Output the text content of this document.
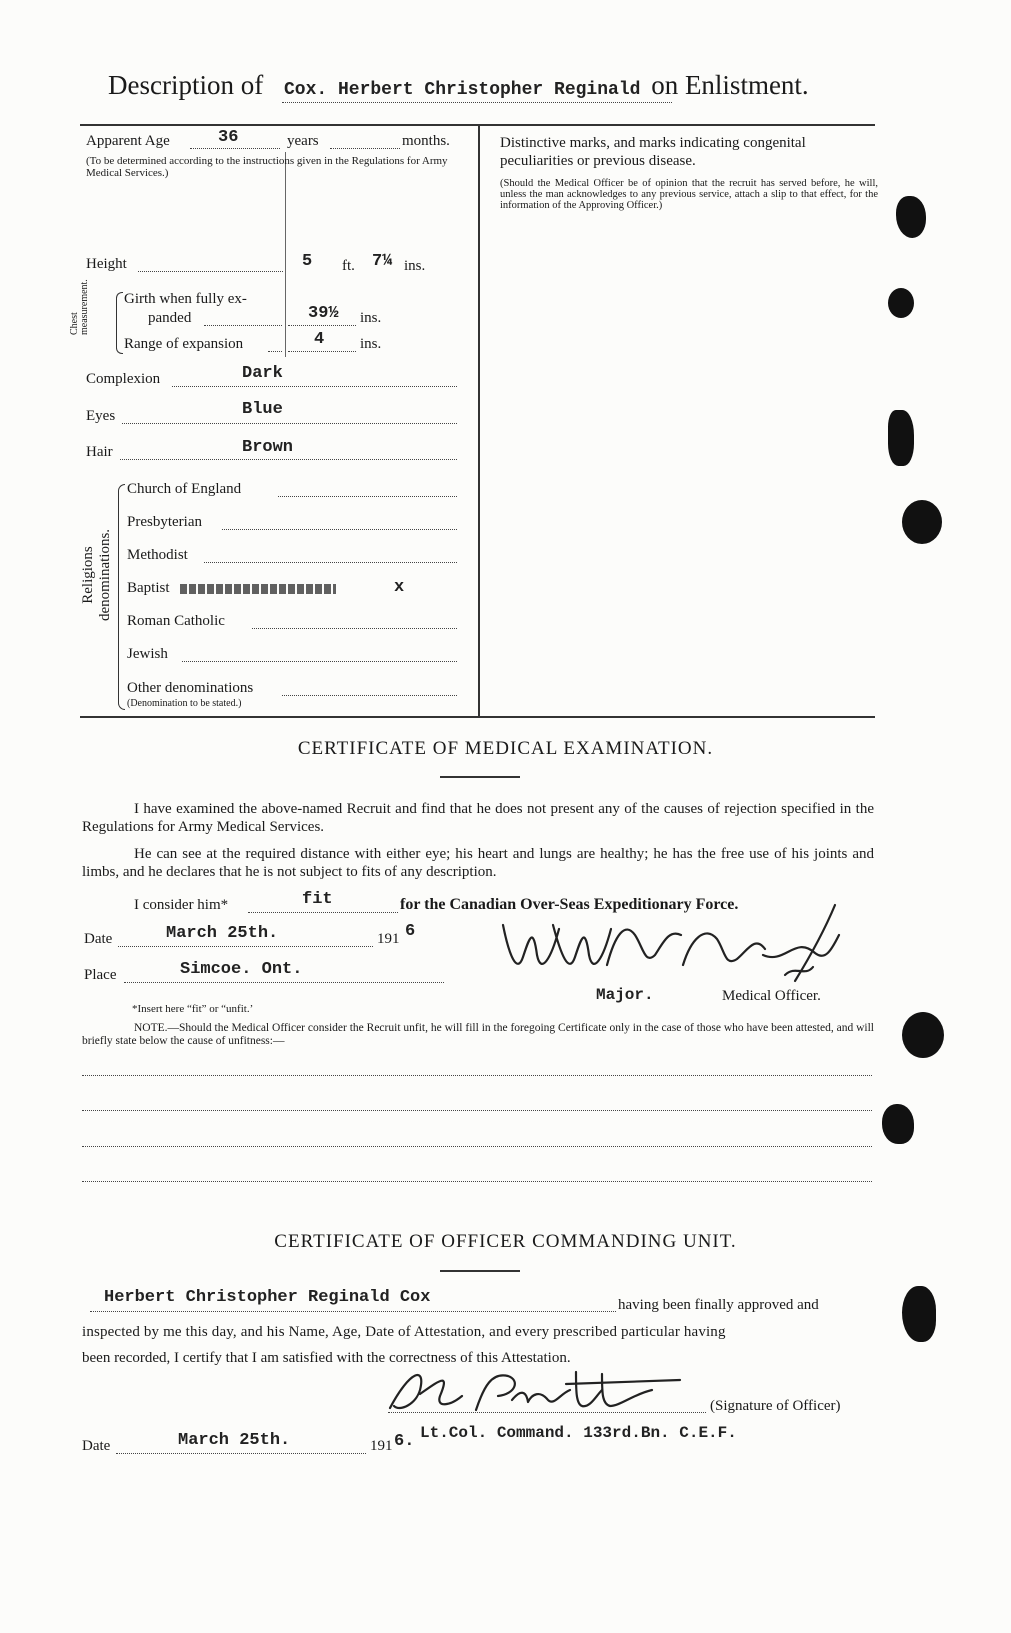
Description of Cox. Herbert Christopher Reginald on Enlistment.
Apparent Age	36	years	months.
(To be determined according to the instructions given in the Regulations for Army Medical Services.)
Height	5 ft. 7¼ ins.
Chest measurement. Girth when fully ex-
panded	39½ ins.
Range of expansion	4 ins.
Complexion	Dark
Eyes	Blue
Hair	Brown
Religions denominations.
Church of England
Presbyterian
Methodist
Baptist	x
Roman Catholic
Jewish
Other denominations
(Denomination to be stated.)
Distinctive marks, and marks indicating congenital peculiarities or previous disease.
(Should the Medical Officer be of opinion that the recruit has served before, he will, unless the man acknowledges to any previous service, attach a slip to that effect, for the information of the Approving Officer.)
CERTIFICATE OF MEDICAL EXAMINATION.
I have examined the above-named Recruit and find that he does not present any of the causes of rejection specified in the Regulations for Army Medical Services.
He can see at the required distance with either eye; his heart and lungs are healthy; he has the free use of his joints and limbs, and he declares that he is not subject to fits of any description.
I consider him*	fit	for the Canadian Over-Seas Expeditionary Force.
Date	March 25th.	191 6
Place	Simcoe. Ont.
Major.	Medical Officer.
*Insert here “fit” or “unfit.’
NOTE.—Should the Medical Officer consider the Recruit unfit, he will fill in the foregoing Certificate only in the case of those who have been attested, and will briefly state below the cause of unfitness:—
CERTIFICATE OF OFFICER COMMANDING UNIT.
Herbert Christopher Reginald Cox	having been finally approved and
inspected by me this day, and his Name, Age, Date of Attestation, and every prescribed particular having
been recorded, I certify that I am satisfied with the correctness of this Attestation.
(Signature of Officer)
Date	March 25th.	191 6. Lt.Col. Command. 133rd.Bn. C.E.F.
